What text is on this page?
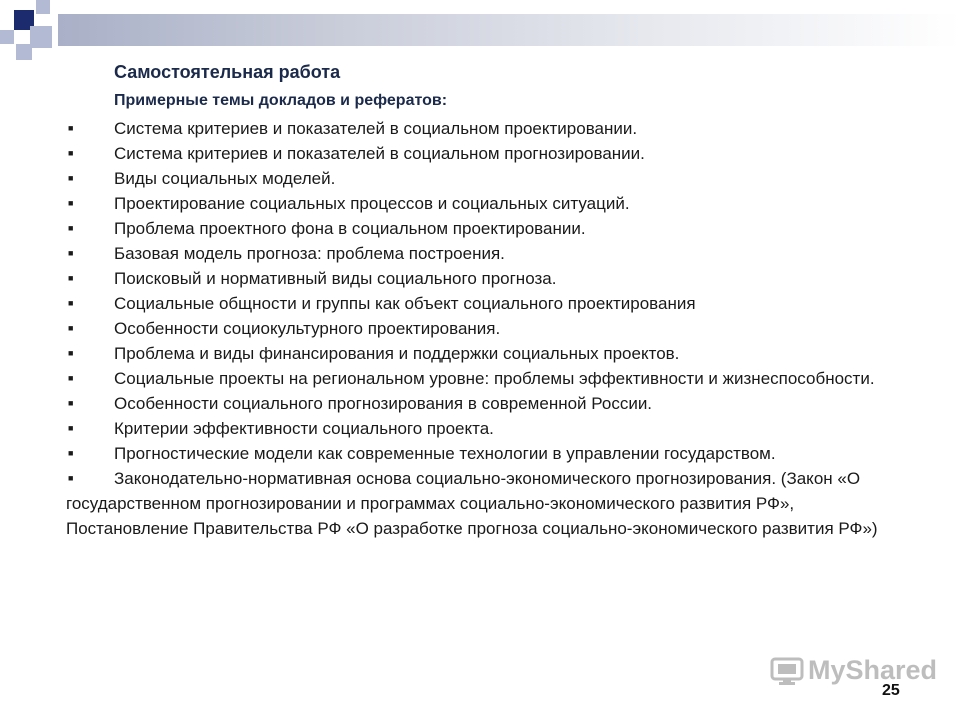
Самостоятельная работа
Примерные темы докладов и рефератов:
■ Система критериев и показателей в социальном проектировании.
■ Система критериев и показателей в социальном прогнозировании.
■ Виды социальных моделей.
■ Проектирование социальных процессов и социальных ситуаций.
■ Проблема проектного фона в социальном проектировании.
■ Базовая модель прогноза: проблема построения.
■ Поисковый и нормативный виды социального прогноза.
■ Социальные общности и группы как объект социального проектирования
■ Особенности социокультурного проектирования.
■ Проблема и виды финансирования и поддержки социальных проектов.
■ Социальные проекты на региональном уровне: проблемы эффективности и жизнеспособности.
■ Особенности социального прогнозирования в современной России.
■ Критерии эффективности социального проекта.
■ Прогностические модели как современные технологии в управлении государством.
■ Законодательно-нормативная основа социально-экономического прогнозирования. (Закон «О государственном прогнозировании и программах социально-экономического развития РФ», Постановление Правительства РФ «О разработке прогноза социально-экономического развития РФ»)
MyShared
25
